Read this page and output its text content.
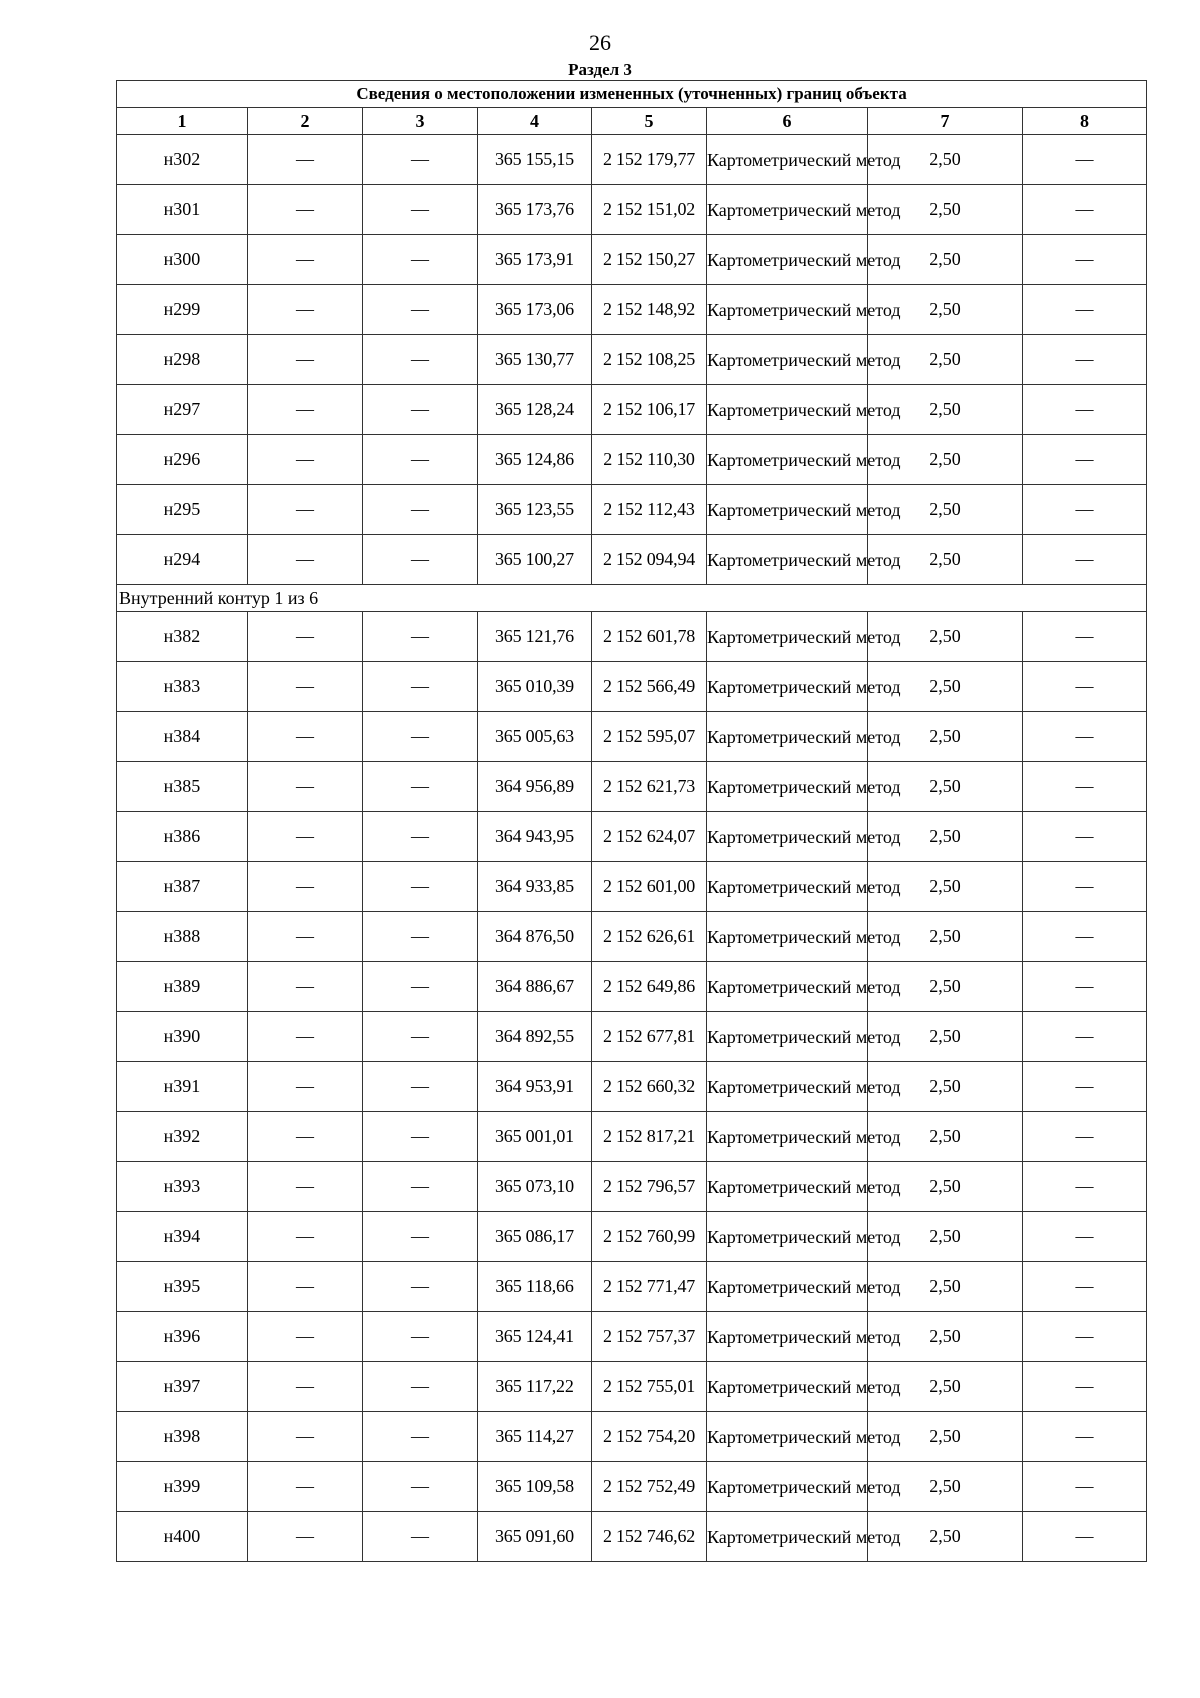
26
Раздел 3
Сведения о местоположении измененных (уточненных) границ объекта							
1	2	3	4	5	6	7	8
н302	—	—	365 155,15	2 152 179,77	Картометрический метод	2,50	—
н301	—	—	365 173,76	2 152 151,02	Картометрический метод	2,50	—
н300	—	—	365 173,91	2 152 150,27	Картометрический метод	2,50	—
н299	—	—	365 173,06	2 152 148,92	Картометрический метод	2,50	—
н298	—	—	365 130,77	2 152 108,25	Картометрический метод	2,50	—
н297	—	—	365 128,24	2 152 106,17	Картометрический метод	2,50	—
н296	—	—	365 124,86	2 152 110,30	Картометрический метод	2,50	—
н295	—	—	365 123,55	2 152 112,43	Картометрический метод	2,50	—
н294	—	—	365 100,27	2 152 094,94	Картометрический метод	2,50	—
Внутренний контур 1 из 6							
н382	—	—	365 121,76	2 152 601,78	Картометрический метод	2,50	—
н383	—	—	365 010,39	2 152 566,49	Картометрический метод	2,50	—
н384	—	—	365 005,63	2 152 595,07	Картометрический метод	2,50	—
н385	—	—	364 956,89	2 152 621,73	Картометрический метод	2,50	—
н386	—	—	364 943,95	2 152 624,07	Картометрический метод	2,50	—
н387	—	—	364 933,85	2 152 601,00	Картометрический метод	2,50	—
н388	—	—	364 876,50	2 152 626,61	Картометрический метод	2,50	—
н389	—	—	364 886,67	2 152 649,86	Картометрический метод	2,50	—
н390	—	—	364 892,55	2 152 677,81	Картометрический метод	2,50	—
н391	—	—	364 953,91	2 152 660,32	Картометрический метод	2,50	—
н392	—	—	365 001,01	2 152 817,21	Картометрический метод	2,50	—
н393	—	—	365 073,10	2 152 796,57	Картометрический метод	2,50	—
н394	—	—	365 086,17	2 152 760,99	Картометрический метод	2,50	—
н395	—	—	365 118,66	2 152 771,47	Картометрический метод	2,50	—
н396	—	—	365 124,41	2 152 757,37	Картометрический метод	2,50	—
н397	—	—	365 117,22	2 152 755,01	Картометрический метод	2,50	—
н398	—	—	365 114,27	2 152 754,20	Картометрический метод	2,50	—
н399	—	—	365 109,58	2 152 752,49	Картометрический метод	2,50	—
н400	—	—	365 091,60	2 152 746,62	Картометрический метод	2,50	—
